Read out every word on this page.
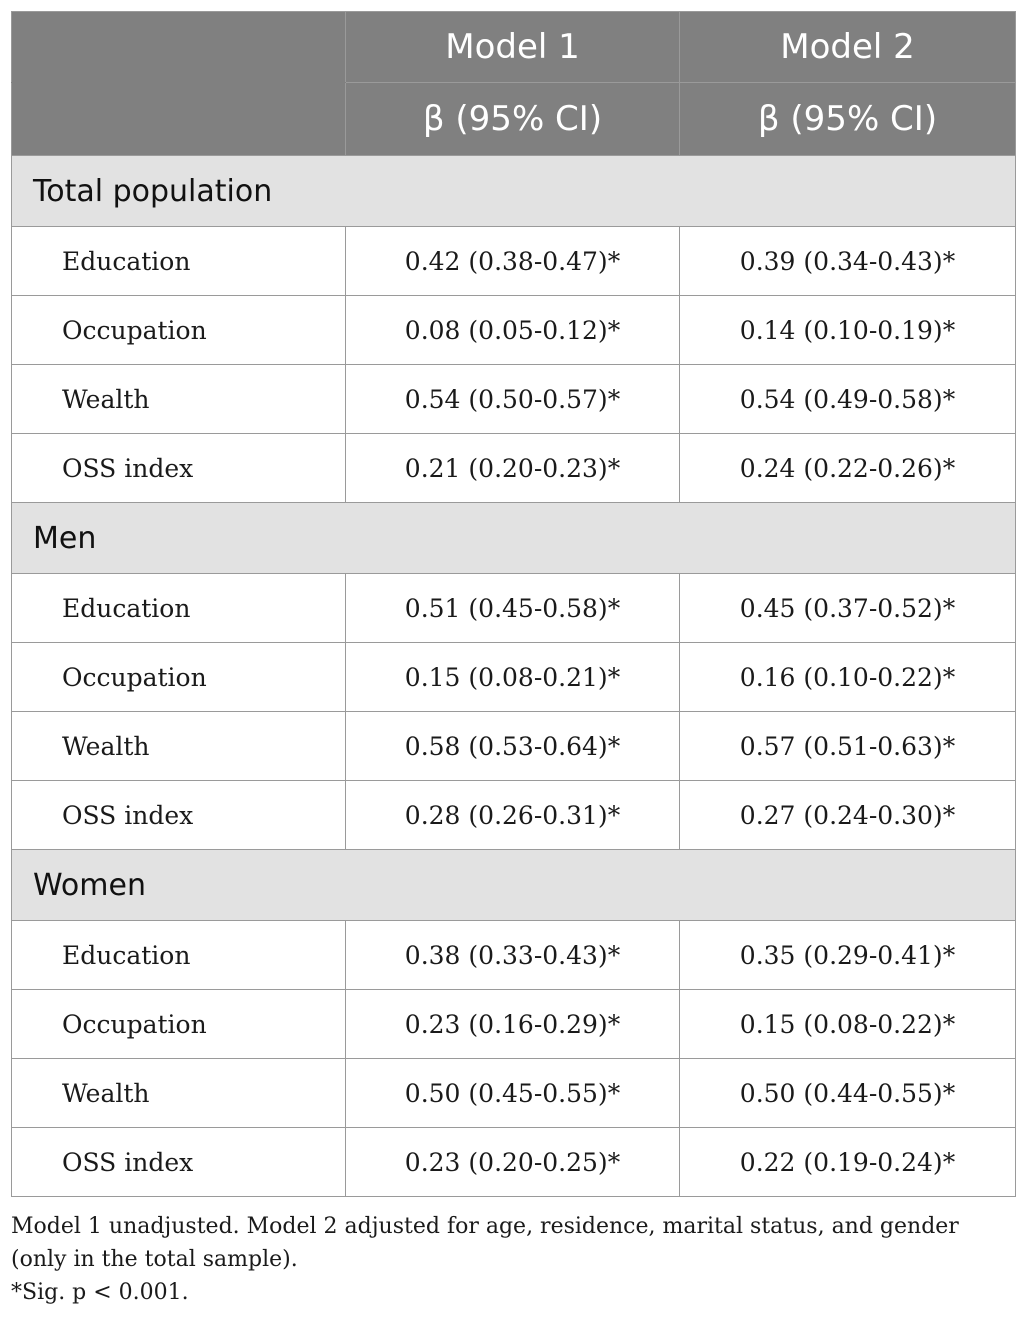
	Model 1	Model 2
	β (95% CI)	β (95% CI)
Total population		
Education	0.42 (0.38-0.47)*	0.39 (0.34-0.43)*
Occupation	0.08 (0.05-0.12)*	0.14 (0.10-0.19)*
Wealth	0.54 (0.50-0.57)*	0.54 (0.49-0.58)*
OSS index	0.21 (0.20-0.23)*	0.24 (0.22-0.26)*
Men		
Education	0.51 (0.45-0.58)*	0.45 (0.37-0.52)*
Occupation	0.15 (0.08-0.21)*	0.16 (0.10-0.22)*
Wealth	0.58 (0.53-0.64)*	0.57 (0.51-0.63)*
OSS index	0.28 (0.26-0.31)*	0.27 (0.24-0.30)*
Women		
Education	0.38 (0.33-0.43)*	0.35 (0.29-0.41)*
Occupation	0.23 (0.16-0.29)*	0.15 (0.08-0.22)*
Wealth	0.50 (0.45-0.55)*	0.50 (0.44-0.55)*
OSS index	0.23 (0.20-0.25)*	0.22 (0.19-0.24)*

Model 1 unadjusted. Model 2 adjusted for age, residence, marital status, and gender (only in the total sample).

*Sig. p < 0.001.
